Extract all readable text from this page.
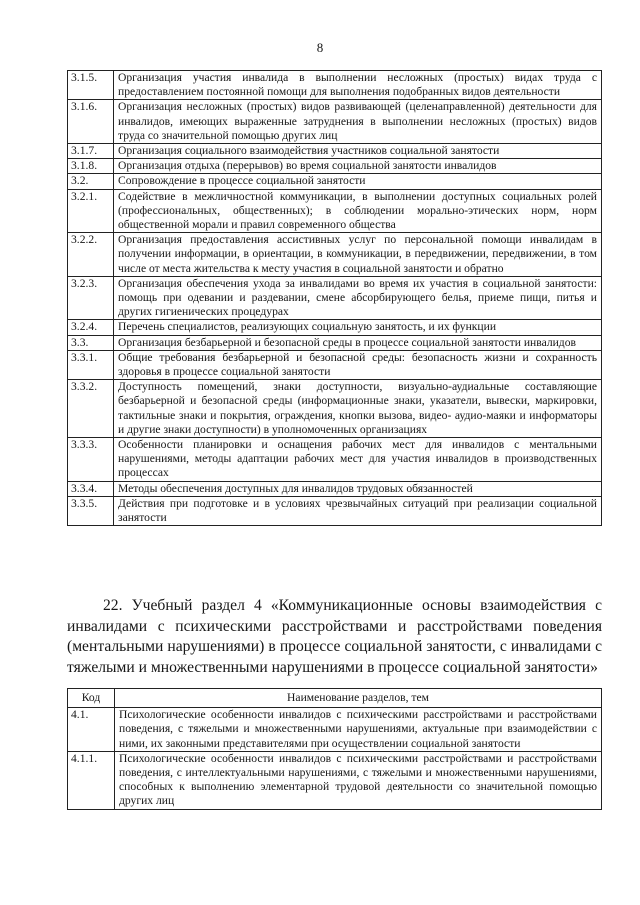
8
3.1.5.	Организация участия инвалида в выполнении несложных (простых) видах труда с предоставлением постоянной помощи для выполнения подобранных видов деятельности
3.1.6.	Организация несложных (простых) видов развивающей (целенаправленной) деятельности для инвалидов, имеющих выраженные затруднения в выполнении несложных (простых) видов труда со значительной помощью других лиц
3.1.7.	Организация социального взаимодействия участников социальной занятости
3.1.8.	Организация отдыха (перерывов) во время социальной занятости инвалидов
3.2.	Сопровождение в процессе социальной занятости
3.2.1.	Содействие в межличностной коммуникации, в выполнении доступных социальных ролей (профессиональных, общественных); в соблюдении морально-этических норм, норм общественной морали и правил современного общества
3.2.2.	Организация предоставления ассистивных услуг по персональной помощи инвалидам в получении информации, в ориентации, в коммуникации, в передвижении, передвижении, в том числе от места жительства к месту участия в социальной занятости и обратно
3.2.3.	Организация обеспечения ухода за инвалидами во время их участия в социальной занятости: помощь при одевании и раздевании, смене абсорбирующего белья, приеме пищи, питья и других гигиенических процедурах
3.2.4.	Перечень специалистов, реализующих социальную занятость, и их функции
3.3.	Организация безбарьерной и безопасной среды в процессе социальной занятости инвалидов
3.3.1.	Общие требования безбарьерной и безопасной среды: безопасность жизни и сохранность здоровья в процессе социальной занятости
3.3.2.	Доступность помещений, знаки доступности, визуально-аудиальные составляющие безбарьерной и безопасной среды (информационные знаки, указатели, вывески, маркировки, тактильные знаки и покрытия, ограждения, кнопки вызова, видео- аудио-маяки и информаторы и другие знаки доступности) в уполномоченных организациях
3.3.3.	Особенности планировки и оснащения рабочих мест для инвалидов с ментальными нарушениями, методы адаптации рабочих мест для участия инвалидов в производственных процессах
3.3.4.	Методы обеспечения доступных для инвалидов трудовых обязанностей
3.3.5.	Действия при подготовке и в условиях чрезвычайных ситуаций при реализации социальной занятости
22. Учебный раздел 4 «Коммуникационные основы взаимодействия с инвалидами с психическими расстройствами и расстройствами поведения (ментальными нарушениями) в процессе социальной занятости, с инвалидами с тяжелыми и множественными нарушениями в процессе социальной занятости»
Код	Наименование разделов, тем
4.1.	Психологические особенности инвалидов с психическими расстройствами и расстройствами поведения, с тяжелыми и множественными нарушениями, актуальные при взаимодействии с ними, их законными представителями при осуществлении социальной занятости
4.1.1.	Психологические особенности инвалидов с психическими расстройствами и расстройствами поведения, с интеллектуальными нарушениями, с тяжелыми и множественными нарушениями, способных к выполнению элементарной трудовой деятельности со значительной помощью других лиц
